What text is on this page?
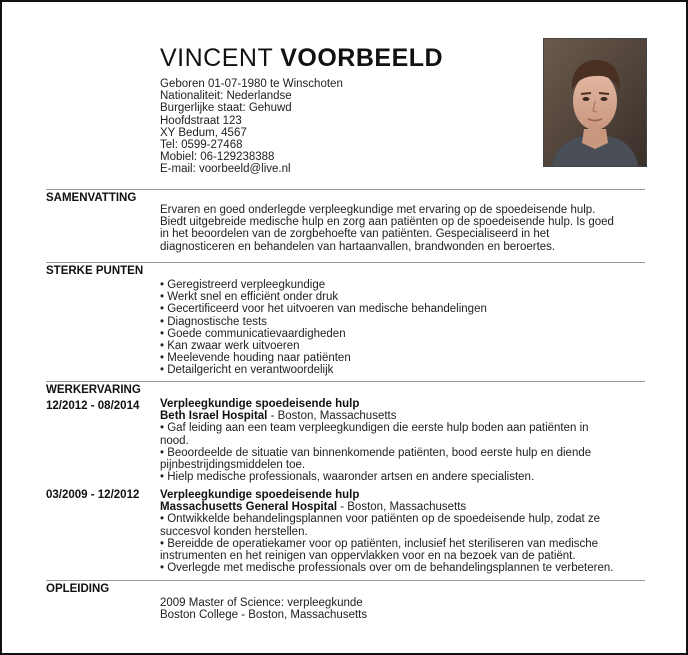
VINCENT VOORBEELD
Geboren 01-07-1980 te Winschoten
Nationaliteit: Nederlandse
Burgerlijke staat: Gehuwd
Hoofdstraat 123
XY Bedum, 4567
Tel: 0599-27468
Mobiel: 06-129238388
E-mail: voorbeeld@live.nl
SAMENVATTING
Ervaren en goed onderlegde verpleegkundige met ervaring op de spoedeisende hulp.
Biedt uitgebreide medische hulp en zorg aan patiënten op de spoedeisende hulp. Is goed
in het beoordelen van de zorgbehoefte van patiënten. Gespecialiseerd in het
diagnosticeren en behandelen van hartaanvallen, brandwonden en beroertes.
STERKE PUNTEN
• Geregistreerd verpleegkundige
• Werkt snel en efficiënt onder druk
• Gecertificeerd voor het uitvoeren van medische behandelingen
• Diagnostische tests
• Goede communicatievaardigheden
• Kan zwaar werk uitvoeren
• Meelevende houding naar patiënten
• Detailgericht en verantwoordelijk
WERKERVARING
12/2012 - 08/2014 Verpleegkundige spoedeisende hulp
Beth Israel Hospital - Boston, Massachusetts
• Gaf leiding aan een team verpleegkundigen die eerste hulp boden aan patiënten in
nood.
• Beoordeelde de situatie van binnenkomende patiënten, bood eerste hulp en diende
pijnbestrijdingsmiddelen toe.
• Hielp medische professionals, waaronder artsen en andere specialisten.
03/2009 - 12/2012 Verpleegkundige spoedeisende hulp
Massachusetts General Hospital - Boston, Massachusetts
• Ontwikkelde behandelingsplannen voor patiënten op de spoedeisende hulp, zodat ze
succesvol konden herstellen.
• Bereidde de operatiekamer voor op patiënten, inclusief het steriliseren van medische
instrumenten en het reinigen van oppervlakken voor en na bezoek van de patiënt.
• Overlegde met medische professionals over om de behandelingsplannen te verbeteren.
OPLEIDING
2009 Master of Science: verpleegkunde
Boston College - Boston, Massachusetts
